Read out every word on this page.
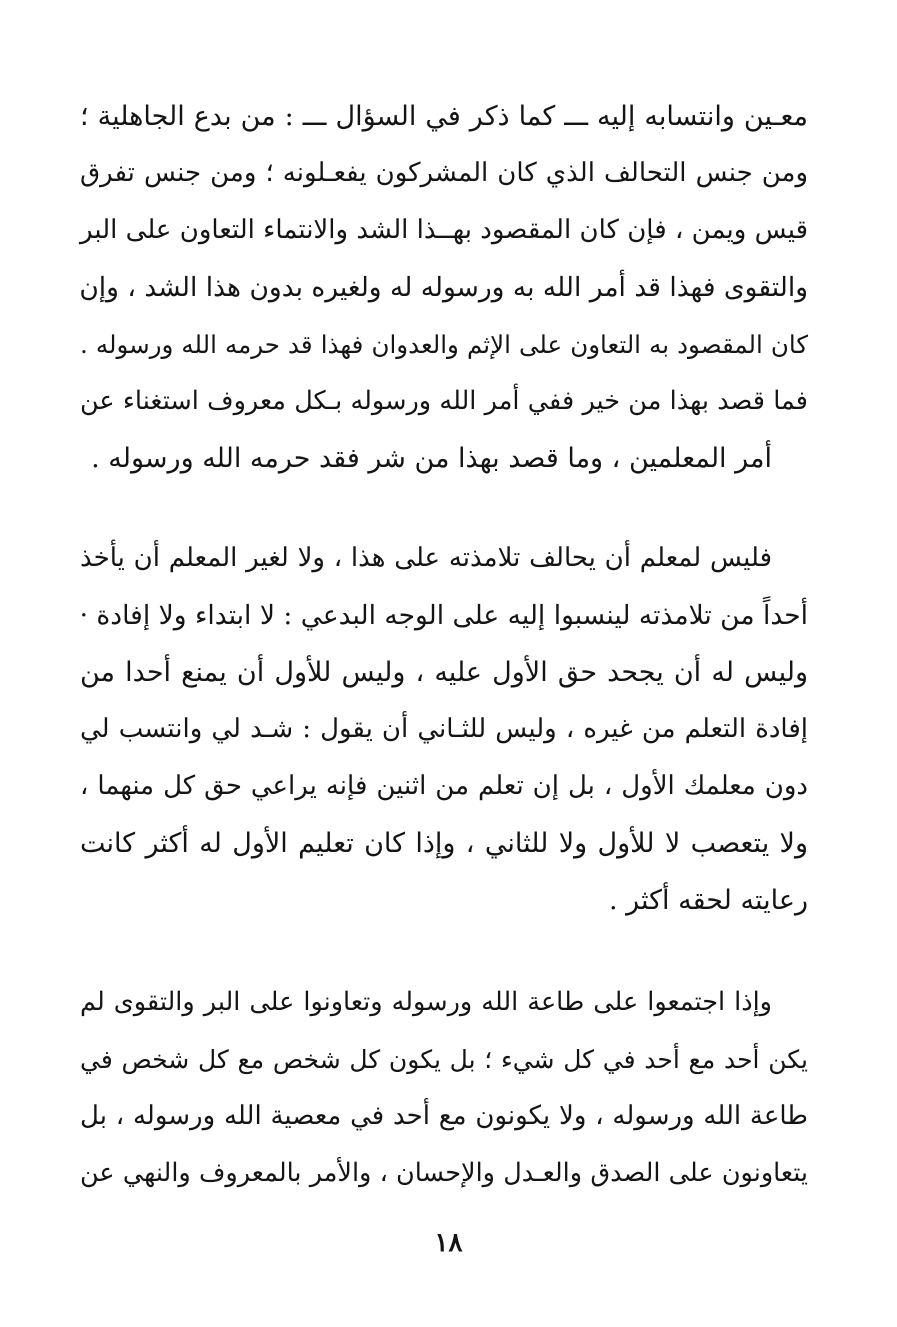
معـين وانتسابه إليه ـــ كما ذكر في السؤال ـــ : من بدع الجاهلية ؛
ومن جنس التحالف الذي كان المشركون يفعـلونه ؛ ومن جنس تفرق
قيس ويمن ، فإن كان المقصود بهــذا الشد والانتماء التعاون على البر
والتقوى فهذا قد أمر الله به ورسوله له ولغيره بدون هذا الشد ، وإن
كان المقصود به التعاون على الإثم والعدوان فهذا قد حرمه الله ورسوله .
فما قصد بهذا من خير ففي أمر الله ورسوله بـكل معروف استغناء عن
أمر المعلمين ، وما قصد بهذا من شر فقد حرمه الله ورسوله .
فليس لمعلم أن يحالف تلامذته على هذا ، ولا لغير المعلم أن يأخذ
أحداً من تلامذته لينسبوا إليه على الوجه البدعي : لا ابتداء ولا إفادة ·
وليس له أن يجحد حق الأول عليه ، وليس للأول أن يمنع أحدا من
إفادة التعلم من غيره ، وليس للثـاني أن يقول : شـد لي وانتسب لي
دون معلمك الأول ، بل إن تعلم من اثنين فإنه يراعي حق كل منهما ،
ولا يتعصب لا للأول ولا للثاني ، وإذا كان تعليم الأول له أكثر كانت
رعايته لحقه أكثر .
وإذا اجتمعوا على طاعة الله ورسوله وتعاونوا على البر والتقوى لم
يكن أحد مع أحد في كل شيء ؛ بل يكون كل شخص مع كل شخص في
طاعة الله ورسوله ، ولا يكونون مع أحد في معصية الله ورسوله ، بل
يتعاونون على الصدق والعـدل والإحسان ، والأمر بالمعروف والنهي عن
١٨
